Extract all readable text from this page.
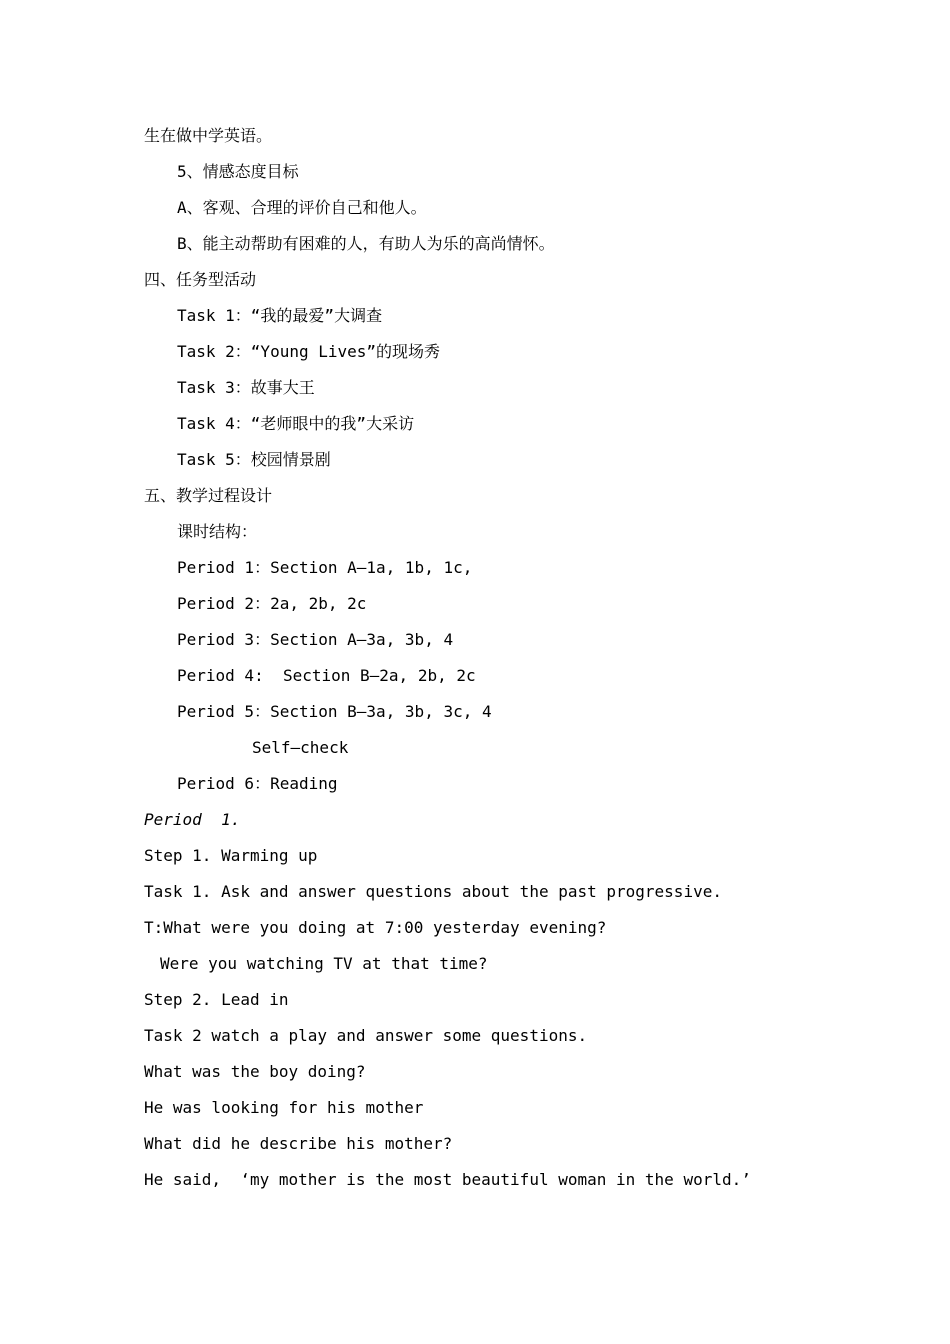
生在做中学英语。
5、情感态度目标
A、客观、合理的评价自己和他人。
B、能主动帮助有困难的人，有助人为乐的高尚情怀。
四、任务型活动
Task 1：“我的最爱”大调查
Task 2：“Young Lives”的现场秀
Task 3：故事大王
Task 4：“老师眼中的我”大采访
Task 5：校园情景剧
五、教学过程设计
课时结构：
Period 1：Section A—1a, 1b, 1c,
Period 2：2a, 2b, 2c
Period 3：Section A—3a, 3b, 4
Period 4:  Section B—2a, 2b, 2c
Period 5：Section B—3a, 3b, 3c, 4
Self—check
Period 6：Reading
Period  1.
Step 1. Warming up
Task 1. Ask and answer questions about the past progressive.
T:What were you doing at 7:00 yesterday evening?
Were you watching TV at that time?
Step 2. Lead in
Task 2 watch a play and answer some questions.
What was the boy doing?
He was looking for his mother
What did he describe his mother?
He said,  ‘my mother is the most beautiful woman in the world.’
